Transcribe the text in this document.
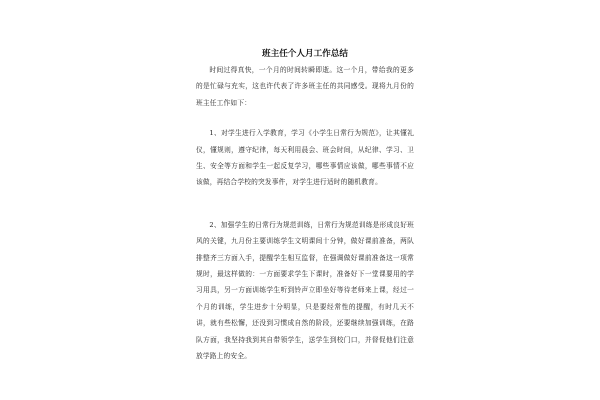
班主任个人月工作总结

时间过得真快，一个月的时间转瞬即逝。这一个月，带给我的更多的是忙碌与充实，这也许代表了许多班主任的共同感受。现将九月份的班主任工作如下：

1、对学生进行入学教育，学习《小学生日常行为规范》，让其懂礼仪，懂规则，遵守纪律，每天利用晨会、班会时间，从纪律、学习、卫生、安全等方面和学生一起反复学习，哪些事情应该做，哪些事情不应该做，再结合学校的突发事件，对学生进行适时的随机教育。

2、加强学生的日常行为规范训练，日常行为规范训练是形成良好班风的关键，九月份主要训练学生文明课间十分钟，做好课前准备，两队排整齐三方面入手，提醒学生相互监督，在强调做好课前准备这一项常规时，最这样做的：一方面要求学生下课时，准备好下一堂课要用的学习用具，另一方面训练学生听到铃声立即坐好等待老师来上课，经过一个月的训练，学生进步十分明显，只是要经常性的提醒，有时几天不讲，就有些松懈，还没到习惯成自然的阶段，还要继续加强训练，在路队方面，我坚持我到其自带领学生，送学生到校门口，并督促他们注意放学路上的安全。
